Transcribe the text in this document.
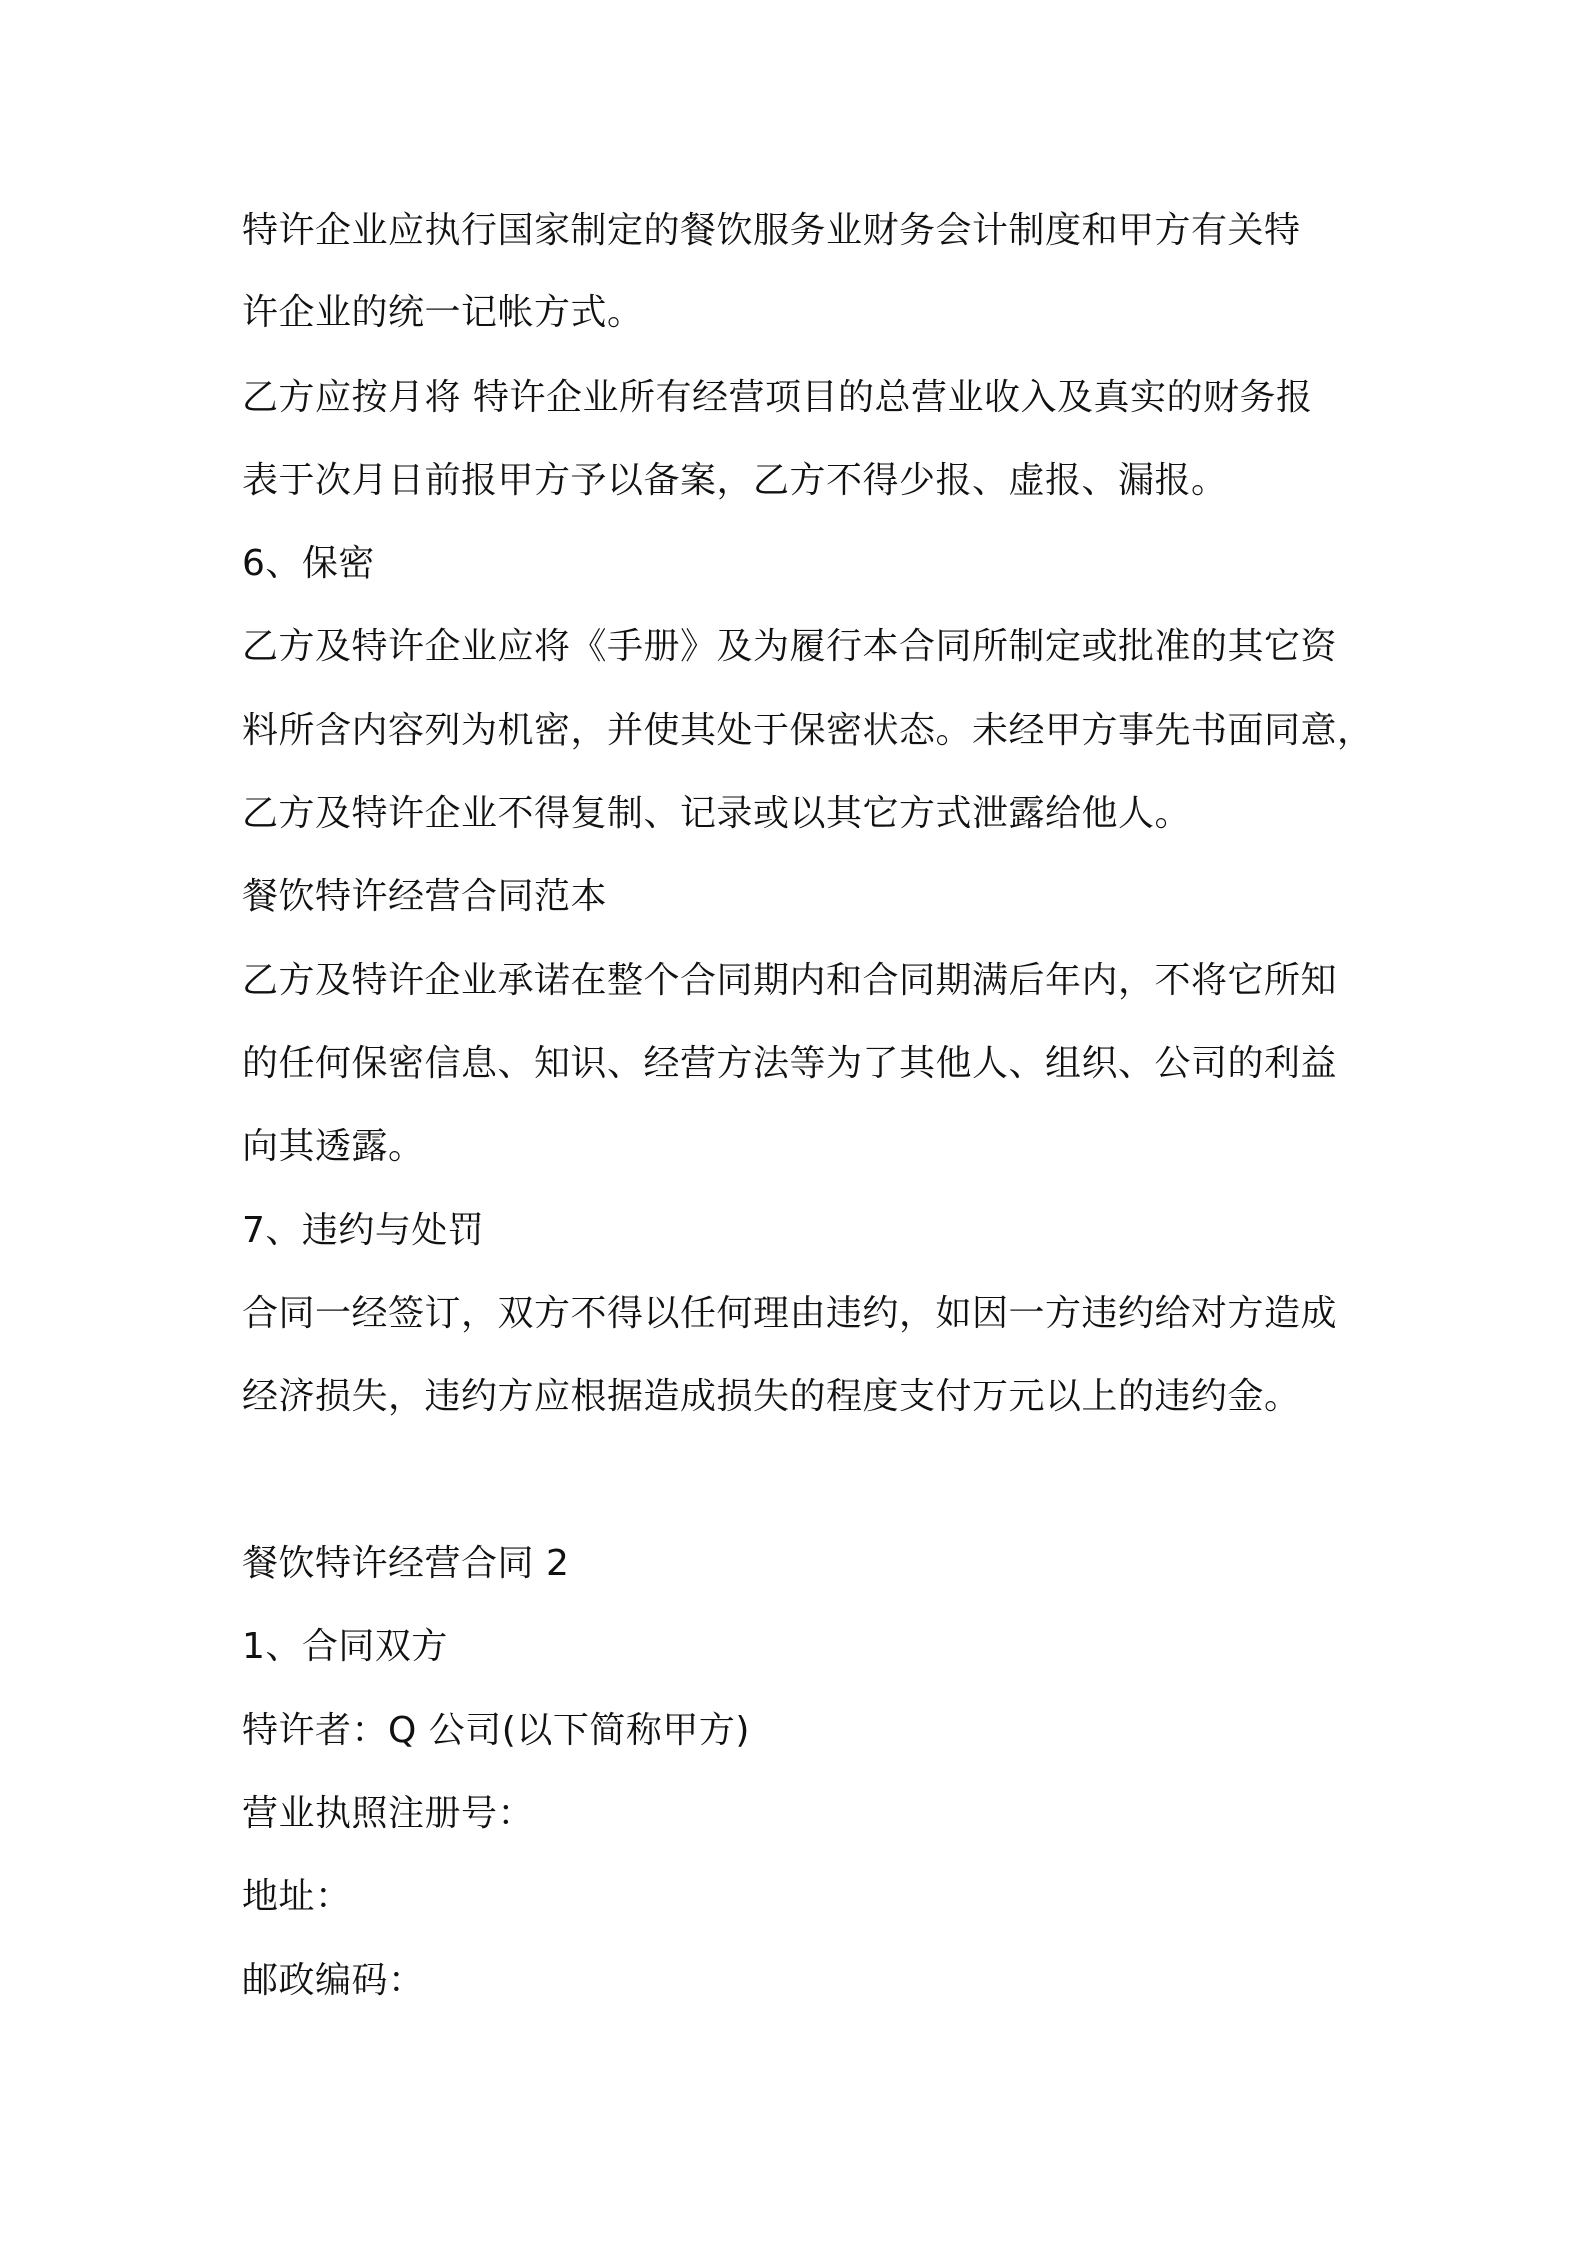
特许企业应执行国家制定的餐饮服务业财务会计制度和甲方有关特

许企业的统一记帐方式。

乙方应按月将 特许企业所有经营项目的总营业收入及真实的财务报

表于次月日前报甲方予以备案，乙方不得少报、虚报、漏报。

6、保密

乙方及特许企业应将《手册》及为履行本合同所制定或批准的其它资

料所含内容列为机密，并使其处于保密状态。未经甲方事先书面同意，

乙方及特许企业不得复制、记录或以其它方式泄露给他人。

餐饮特许经营合同范本

乙方及特许企业承诺在整个合同期内和合同期满后年内，不将它所知

的任何保密信息、知识、经营方法等为了其他人、组织、公司的利益

向其透露。

7、违约与处罚

合同一经签订，双方不得以任何理由违约，如因一方违约给对方造成

经济损失，违约方应根据造成损失的程度支付万元以上的违约金。

餐饮特许经营合同 2

1、合同双方

特许者：Q 公司(以下简称甲方)

营业执照注册号：

地址：

邮政编码：
